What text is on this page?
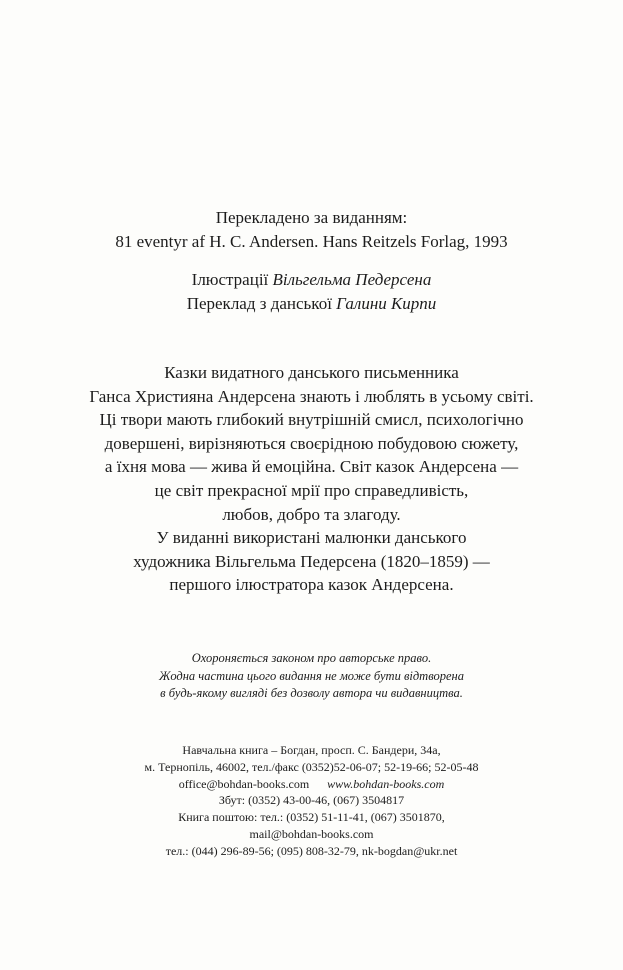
Перекладено за виданням:
81 eventyr af H. C. Andersen. Hans Reitzels Forlag, 1993
Ілюстрації Вільгельма Педерсена
Переклад з данської Галини Кирпи
Казки видатного данського письменника
Ганса Християна Андерсена знають і люблять в усьому світі.
Ці твори мають глибокий внутрішній смисл, психологічно
довершені, вирізняються своєрідною побудовою сюжету,
а їхня мова — жива й емоційна. Світ казок Андерсена —
це світ прекрасної мрії про справедливість,
любов, добро та злагоду.
У виданні використані малюнки данського
художника Вільгельма Педерсена (1820–1859) —
першого ілюстратора казок Андерсена.
Охороняється законом про авторське право.
Жодна частина цього видання не може бути відтворена
в будь-якому вигляді без дозволу автора чи видавництва.
Навчальна книга – Богдан, просп. С. Бандери, 34а,
м. Тернопіль, 46002, тел./факс (0352)52-06-07; 52-19-66; 52-05-48
office@bohdan-books.com www.bohdan-books.com
Збут: (0352) 43-00-46, (067) 3504817
Книга поштою: тел.: (0352) 51-11-41, (067) 3501870,
mail@bohdan-books.com
тел.: (044) 296-89-56; (095) 808-32-79, nk-bogdan@ukr.net
